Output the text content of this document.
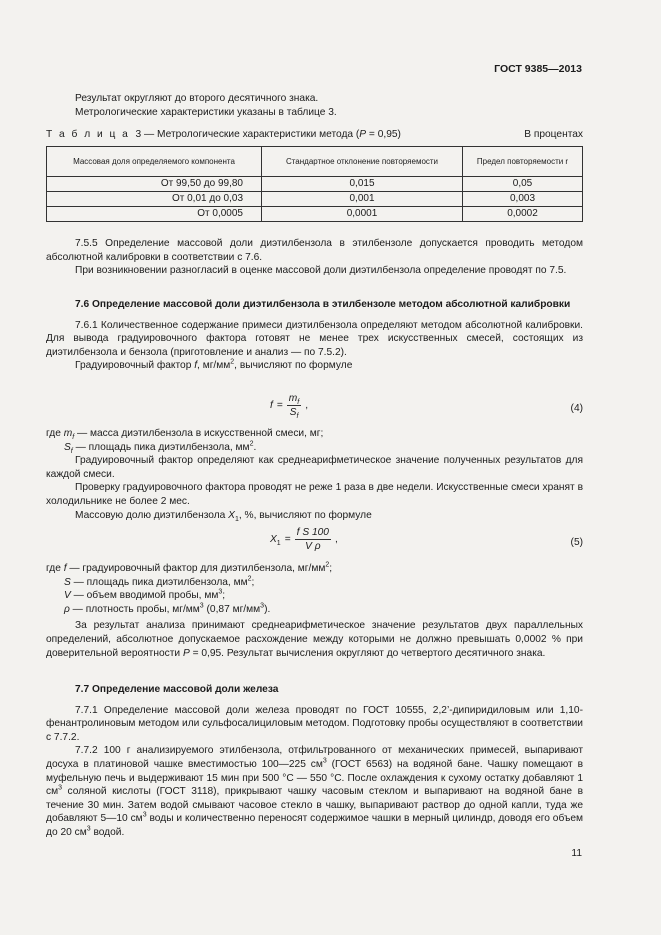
ГОСТ 9385—2013

Результат округляют до второго десятичного знака.

Метрологические характеристики указаны в таблице 3.

Т а б л и ц а 3 — Метрологические характеристики метода (P = 0,95)	В процентах
Массовая доля определяемого компонента	Стандартное отклонение повторяемости	Предел повторяемости r
От 99,50 до 99,80	0,015	0,05
От 0,01 до 0,03	0,001	0,003
От 0,0005	0,0001	0,0002

7.5.5 Определение массовой доли диэтилбензола в этилбензоле допускается проводить методом абсолютной калибровки в соответствии с 7.6.

При возникновении разногласий в оценке массовой доли диэтилбензола определение проводят по 7.5.

7.6 Определение массовой доли диэтилбензола в этилбензоле методом абсолютной калибровки

7.6.1 Количественное содержание примеси диэтилбензола определяют методом абсолютной калибровки. Для вывода градуировочного фактора готовят не менее трех искусственных смесей, состоящих из диэтилбензола и бензола (приготовление и анализ — по 7.5.2).

Градуировочный фактор f, $мг/мм^2$, вычисляют по формуле

$f = \frac{m_f}{S_f}$ ,	(4)

где $m_f$ — масса диэтилбензола в искусственной смеси, мг;

$S_f$ — площадь пика диэтилбензола, $мм^2$.

Градуировочный фактор определяют как среднеарифметическое значение полученных результатов для каждой смеси.

Проверку градуировочного фактора проводят не реже 1 раза в две недели. Искусственные смеси хранят в холодильнике не более 2 мес.

Массовую долю диэтилбензола $X_1$, %, вычисляют по формуле

$X_1 = \frac{\text{f S 100}}{\text{V ρ}}$ ,	(5)

где f — градуировочный фактор для диэтилбензола, $мг/мм^2$;

S — площадь пика диэтилбензола, $мм^2$;

V — объем вводимой пробы, $мм^3$;

ρ — плотность пробы, $мг/мм^3$ (0,87 $мг/мм^3$).

За результат анализа принимают среднеарифметическое значение результатов двух параллельных определений, абсолютное допускаемое расхождение между которыми не должно превышать 0,0002 % при доверительной вероятности P = 0,95. Результат вычисления округляют до четвертого десятичного знака.

7.7 Определение массовой доли железа

7.7.1 Определение массовой доли железа проводят по ГОСТ 10555, 2,2’-дипиридиловым или 1,10-фенантролиновым методом или сульфосалициловым методом. Подготовку пробы осуществляют в соответствии с 7.7.2.

7.7.2 100 г анализируемого этилбензола, отфильтрованного от механических примесей, выпаривают досуха в платиновой чашке вместимостью 100—225 $см^3$ (ГОСТ 6563) на водяной бане. Чашку помещают в муфельную печь и выдерживают 15 мин при 500 °С — 550 °С. После охлаждения к сухому остатку добавляют 1 $см^3$ соляной кислоты (ГОСТ 3118), прикрывают чашку часовым стеклом и выпаривают на водяной бане в течение 30 мин. Затем водой смывают часовое стекло в чашку, выпаривают раствор до одной капли, туда же добавляют 5—10 $см^3$ воды и количественно переносят содержимое чашки в мерный цилиндр, доводя его объем до 20 $см^3$ водой.

11
